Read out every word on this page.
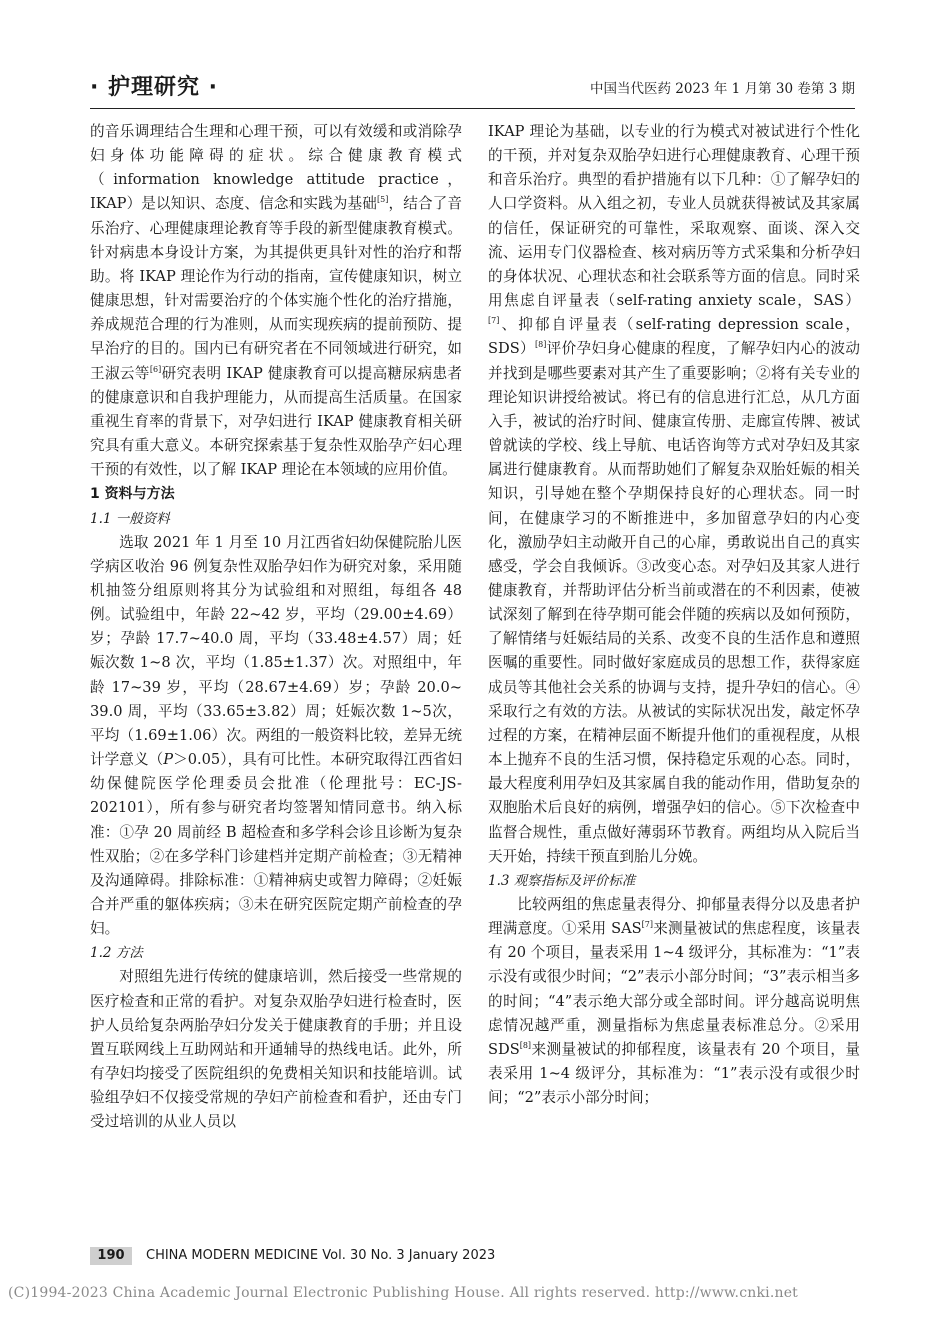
· 护理研究 ·	中国当代医药 2023 年 1 月第 30 卷第 3 期

的音乐调理结合生理和心理干预，可以有效缓和或消除孕妇身体功能障碍的症状。综合健康教育模式（information knowledge attitude practice，IKAP）是以知识、态度、信念和实践为基础[5]，结合了音乐治疗、心理健康理论教育等手段的新型健康教育模式。针对病患本身设计方案，为其提供更具针对性的治疗和帮助。将 IKAP 理论作为行动的指南，宣传健康知识，树立健康思想，针对需要治疗的个体实施个性化的治疗措施，养成规范合理的行为准则，从而实现疾病的提前预防、提早治疗的目的。国内已有研究者在不同领域进行研究，如王淑云等[6]研究表明 IKAP 健康教育可以提高糖尿病患者的健康意识和自我护理能力，从而提高生活质量。在国家重视生育率的背景下，对孕妇进行 IKAP 健康教育相关研究具有重大意义。本研究探索基于复杂性双胎孕产妇心理干预的有效性，以了解 IKAP 理论在本领域的应用价值。

1 资料与方法

1.1 一般资料

选取 2021 年 1 月至 10 月江西省妇幼保健院胎儿医学病区收治 96 例复杂性双胎孕妇作为研究对象，采用随机抽签分组原则将其分为试验组和对照组，每组各 48 例。试验组中，年龄 22~42 岁，平均（29.00±4.69）岁；孕龄 17.7~40.0 周，平均（33.48±4.57）周；妊娠次数 1~8 次，平均（1.85±1.37）次。对照组中，年龄 17~39 岁，平均（28.67±4.69）岁；孕龄 20.0~ 39.0 周，平均（33.65±3.82）周；妊娠次数 1~5次，平均（1.69±1.06）次。两组的一般资料比较，差异无统计学意义（P＞0.05），具有可比性。本研究取得江西省妇幼保健院医学伦理委员会批准（伦理批号：EC-JS-202101），所有参与研究者均签署知情同意书。纳入标准：①孕 20 周前经 B 超检查和多学科会诊且诊断为复杂性双胎；②在多学科门诊建档并定期产前检查；③无精神及沟通障碍。排除标准：①精神病史或智力障碍；②妊娠合并严重的躯体疾病；③未在研究医院定期产前检查的孕妇。

1.2 方法

对照组先进行传统的健康培训，然后接受一些常规的医疗检查和正常的看护。对复杂双胎孕妇进行检查时，医护人员给复杂两胎孕妇分发关于健康教育的手册；并且设置互联网线上互助网站和开通辅导的热线电话。此外，所有孕妇均接受了医院组织的免费相关知识和技能培训。试验组孕妇不仅接受常规的孕妇产前检查和看护，还由专门受过培训的从业人员以

IKAP 理论为基础，以专业的行为模式对被试进行个性化的干预，并对复杂双胎孕妇进行心理健康教育、心理干预和音乐治疗。典型的看护措施有以下几种：①了解孕妇的人口学资料。从入组之初，专业人员就获得被试及其家属的信任，保证研究的可靠性，采取观察、面谈、深入交流、运用专门仪器检查、核对病历等方式采集和分析孕妇的身体状况、心理状态和社会联系等方面的信息。同时采用焦虑自评量表（self-rating anxiety scale，SAS）[7]、抑郁自评量表（self-rating depression scale，SDS）[8]评价孕妇身心健康的程度，了解孕妇内心的波动并找到是哪些要素对其产生了重要影响；②将有关专业的理论知识讲授给被试。将已有的信息进行汇总，从几方面入手，被试的治疗时间、健康宣传册、走廊宣传牌、被试曾就读的学校、线上导航、电话咨询等方式对孕妇及其家属进行健康教育。从而帮助她们了解复杂双胎妊娠的相关知识，引导她在整个孕期保持良好的心理状态。同一时间，在健康学习的不断推进中，多加留意孕妇的内心变化，激励孕妇主动敞开自己的心扉，勇敢说出自己的真实感受，学会自我倾诉。③改变心态。对孕妇及其家人进行健康教育，并帮助评估分析当前或潜在的不利因素，使被试深刻了解到在待孕期可能会伴随的疾病以及如何预防，了解情绪与妊娠结局的关系、改变不良的生活作息和遵照医嘱的重要性。同时做好家庭成员的思想工作，获得家庭成员等其他社会关系的协调与支持，提升孕妇的信心。④采取行之有效的方法。从被试的实际状况出发，敲定怀孕过程的方案，在精神层面不断提升他们的重视程度，从根本上抛弃不良的生活习惯，保持稳定乐观的心态。同时，最大程度利用孕妇及其家属自我的能动作用，借助复杂的双胞胎术后良好的病例，增强孕妇的信心。⑤下次检查中监督合规性，重点做好薄弱环节教育。两组均从入院后当天开始，持续干预直到胎儿分娩。

1.3 观察指标及评价标准

比较两组的焦虑量表得分、抑郁量表得分以及患者护理满意度。①采用 SAS[7]来测量被试的焦虑程度，该量表有 20 个项目，量表采用 1~4 级评分，其标准为：“1”表示没有或很少时间；“2”表示小部分时间；“3”表示相当多的时间；“4”表示绝大部分或全部时间。评分越高说明焦虑情况越严重，测量指标为焦虑量表标准总分。②采用 SDS[8]来测量被试的抑郁程度，该量表有 20 个项目，量表采用 1~4 级评分，其标准为：“1”表示没有或很少时间；“2”表示小部分时间；

190	CHINA MODERN MEDICINE Vol. 30 No. 3 January 2023
(C)1994-2023 China Academic Journal Electronic Publishing House. All rights reserved. http://www.cnki.net
